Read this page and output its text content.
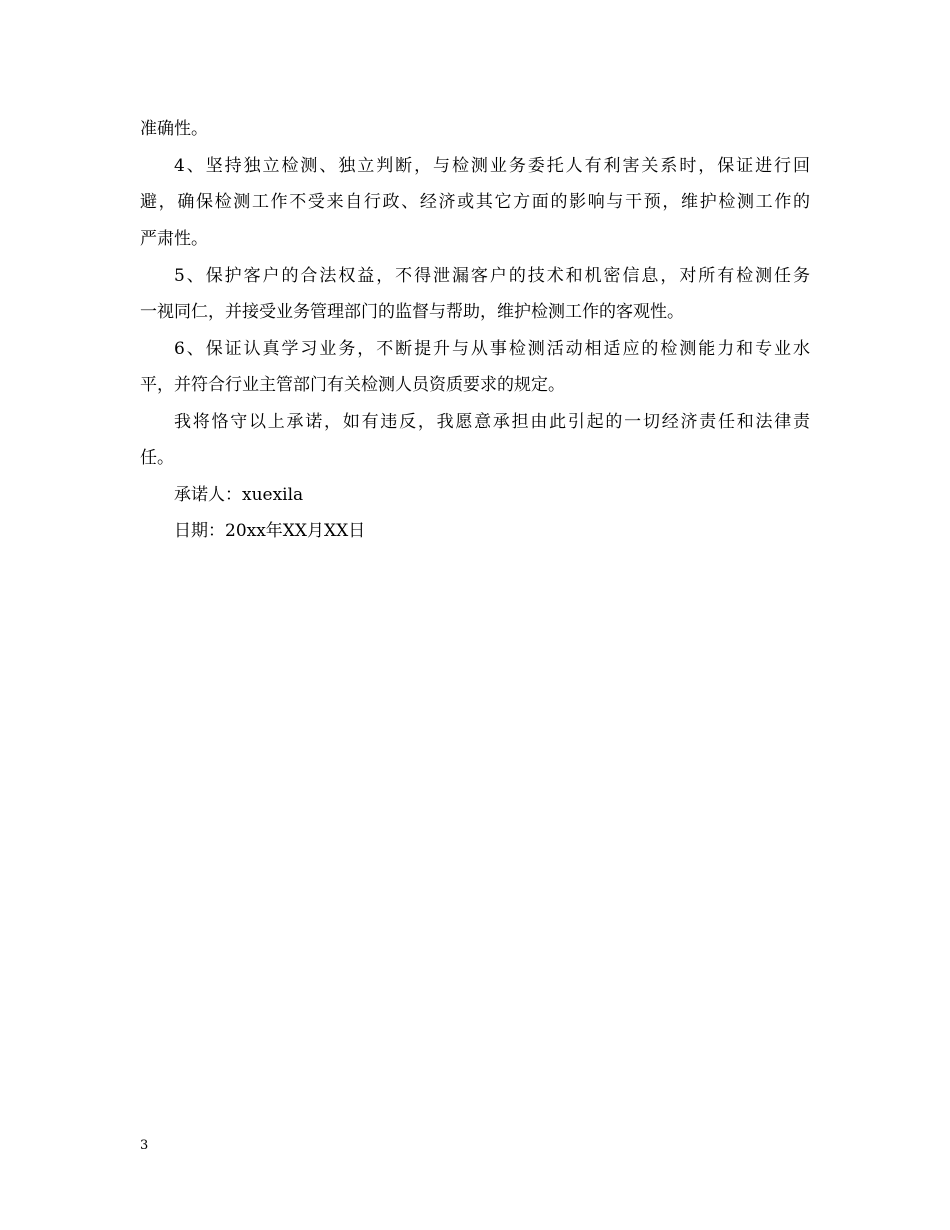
准确性。
4、坚持独立检测、独立判断，与检测业务委托人有利害关系时，保证进行回
避，确保检测工作不受来自行政、经济或其它方面的影响与干预，维护检测工作的
严肃性。
5、保护客户的合法权益，不得泄漏客户的技术和机密信息，对所有检测任务
一视同仁，并接受业务管理部门的监督与帮助，维护检测工作的客观性。
6、保证认真学习业务，不断提升与从事检测活动相适应的检测能力和专业水
平，并符合行业主管部门有关检测人员资质要求的规定。
我将恪守以上承诺，如有违反，我愿意承担由此引起的一切经济责任和法律责
任。
承诺人：xuexila
日期：20xx年XX月XX日
3
